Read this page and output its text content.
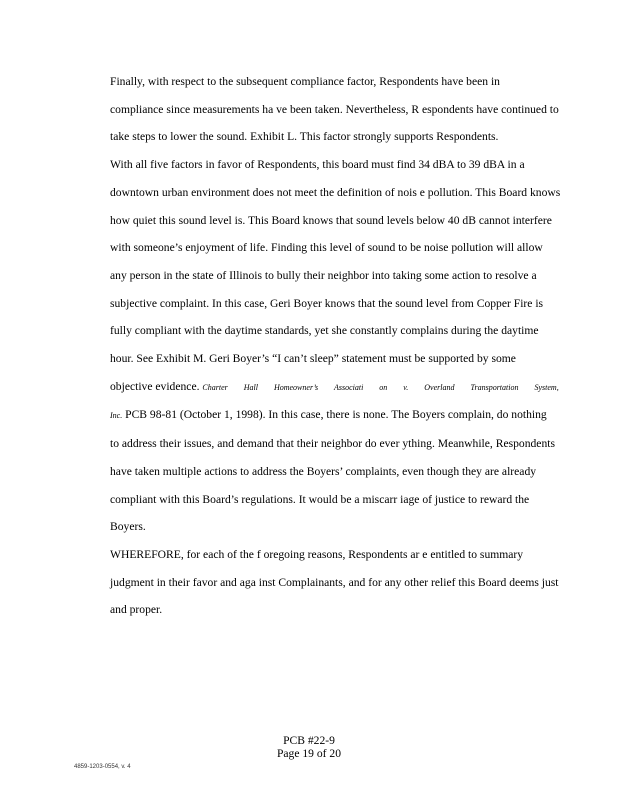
Finally, with respect to the subsequent compliance factor, Respondents have been in
compliance since measurements ha ve been taken. Nevertheless, R espondents have continued to
take steps to lower the sound. Exhibit L. This factor strongly supports Respondents.

With all five factors in favor of Respondents, this board must find 34 dBA to 39 dBA in a
downtown urban environment does not meet the definition of nois e pollution. This Board knows
how quiet this sound level is. This Board knows that sound levels below 40 dB cannot interfere
with someone’s enjoyment of life. Finding this level of sound to be noise pollution will allow
any person in the state of Illinois to bully their neighbor into taking some action to resolve a
subjective complaint. In this case, Geri Boyer knows that the sound level from Copper Fire is
fully compliant with the daytime standards, yet she constantly complains during the daytime
hour. See Exhibit M. Geri Boyer’s “I can’t sleep” statement must be supported by some
objective evidence. Charter Hall Homeowner’s Associati on v. Overland Transportation System,
Inc. PCB 98-81 (October 1, 1998). In this case, there is none. The Boyers complain, do nothing
to address their issues, and demand that their neighbor do ever ything. Meanwhile, Respondents
have taken multiple actions to address the Boyers’ complaints, even though they are already
compliant with this Board’s regulations. It would be a miscarr iage of justice to reward the
Boyers.

WHEREFORE, for each of the f oregoing reasons, Respondents ar e entitled to summary
judgment in their favor and aga inst Complainants, and for any other relief this Board deems just
and proper.

PCB #22-9
Page 19 of 20
4859-1203-0554, v. 4
